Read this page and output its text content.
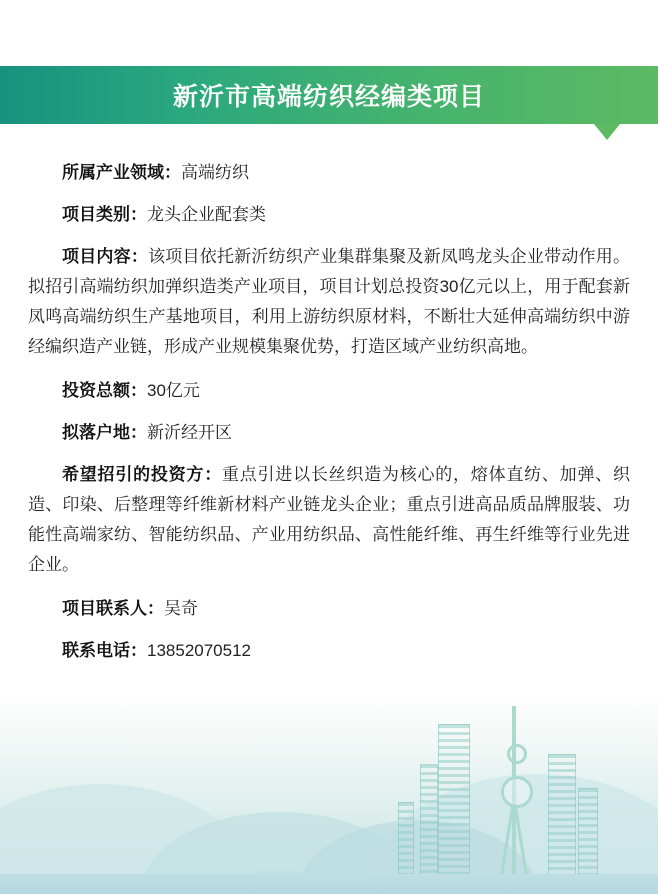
新沂市高端纺织经编类项目

所属产业领域：高端纺织

项目类别：龙头企业配套类

项目内容：该项目依托新沂纺织产业集群集聚及新凤鸣龙头企业带动作用。拟招引高端纺织加弹织造类产业项目，项目计划总投资30亿元以上，用于配套新凤鸣高端纺织生产基地项目，利用上游纺织原材料，不断壮大延伸高端纺织中游经编织造产业链，形成产业规模集聚优势，打造区域产业纺织高地。

投资总额：30亿元

拟落户地：新沂经开区

希望招引的投资方：重点引进以长丝织造为核心的，熔体直纺、加弹、织造、印染、后整理等纤维新材料产业链龙头企业；重点引进高品质品牌服装、功能性高端家纺、智能纺织品、产业用纺织品、高性能纤维、再生纤维等行业先进企业。

项目联系人：吴奇

联系电话：13852070512
